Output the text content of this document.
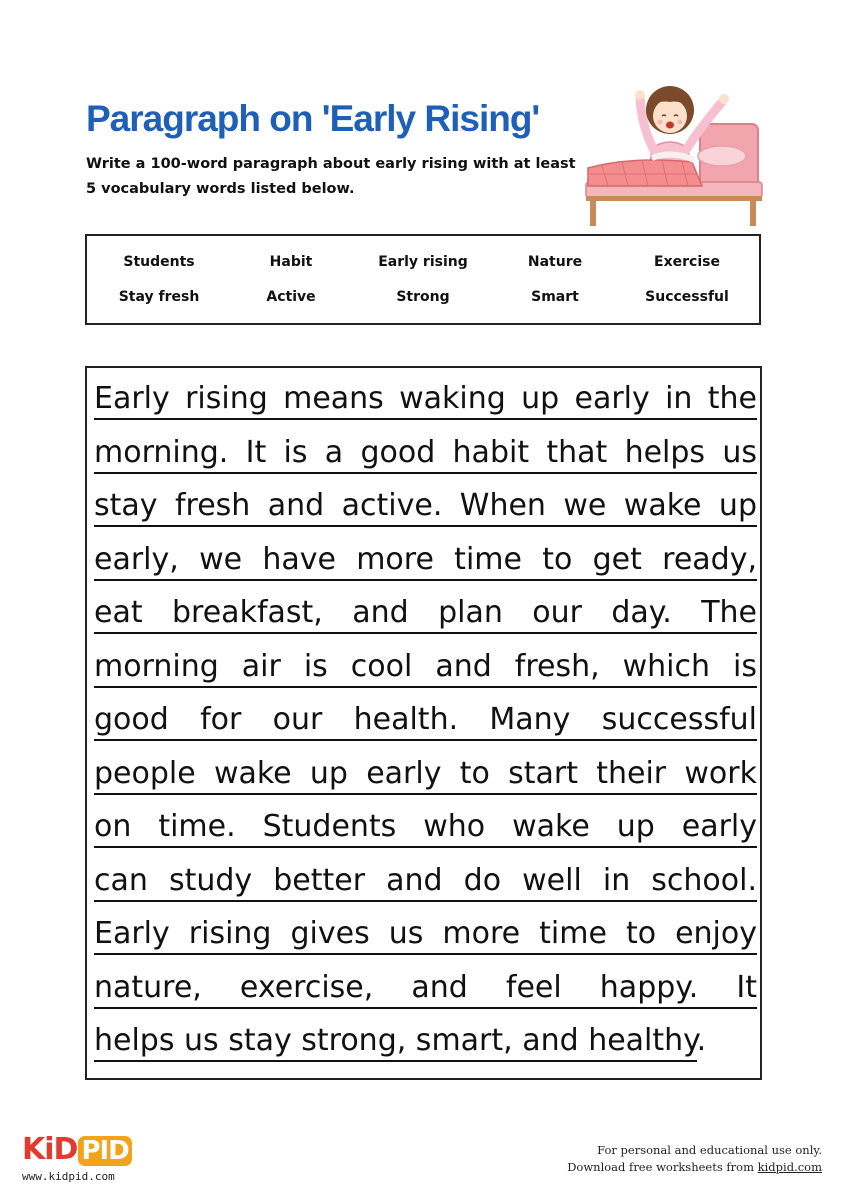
Paragraph on 'Early Rising'
Write a 100-word paragraph about early rising with at least
5 vocabulary words listed below.
Students	Habit	Early rising	Nature	Exercise
Stay fresh	Active	Strong	Smart	Successful
Early rising means waking up early in the
morning. It is a good habit that helps us
stay fresh and active. When we wake up
early, we have more time to get ready,
eat breakfast, and plan our day. The
morning air is cool and fresh, which is
good for our health. Many successful
people wake up early to start their work
on time. Students who wake up early
can study better and do well in school.
Early rising gives us more time to enjoy
nature, exercise, and feel happy. It
helps us stay strong, smart, and healthy.
KiD PID
www.kidpid.com
For personal and educational use only.
Download free worksheets from kidpid.com
